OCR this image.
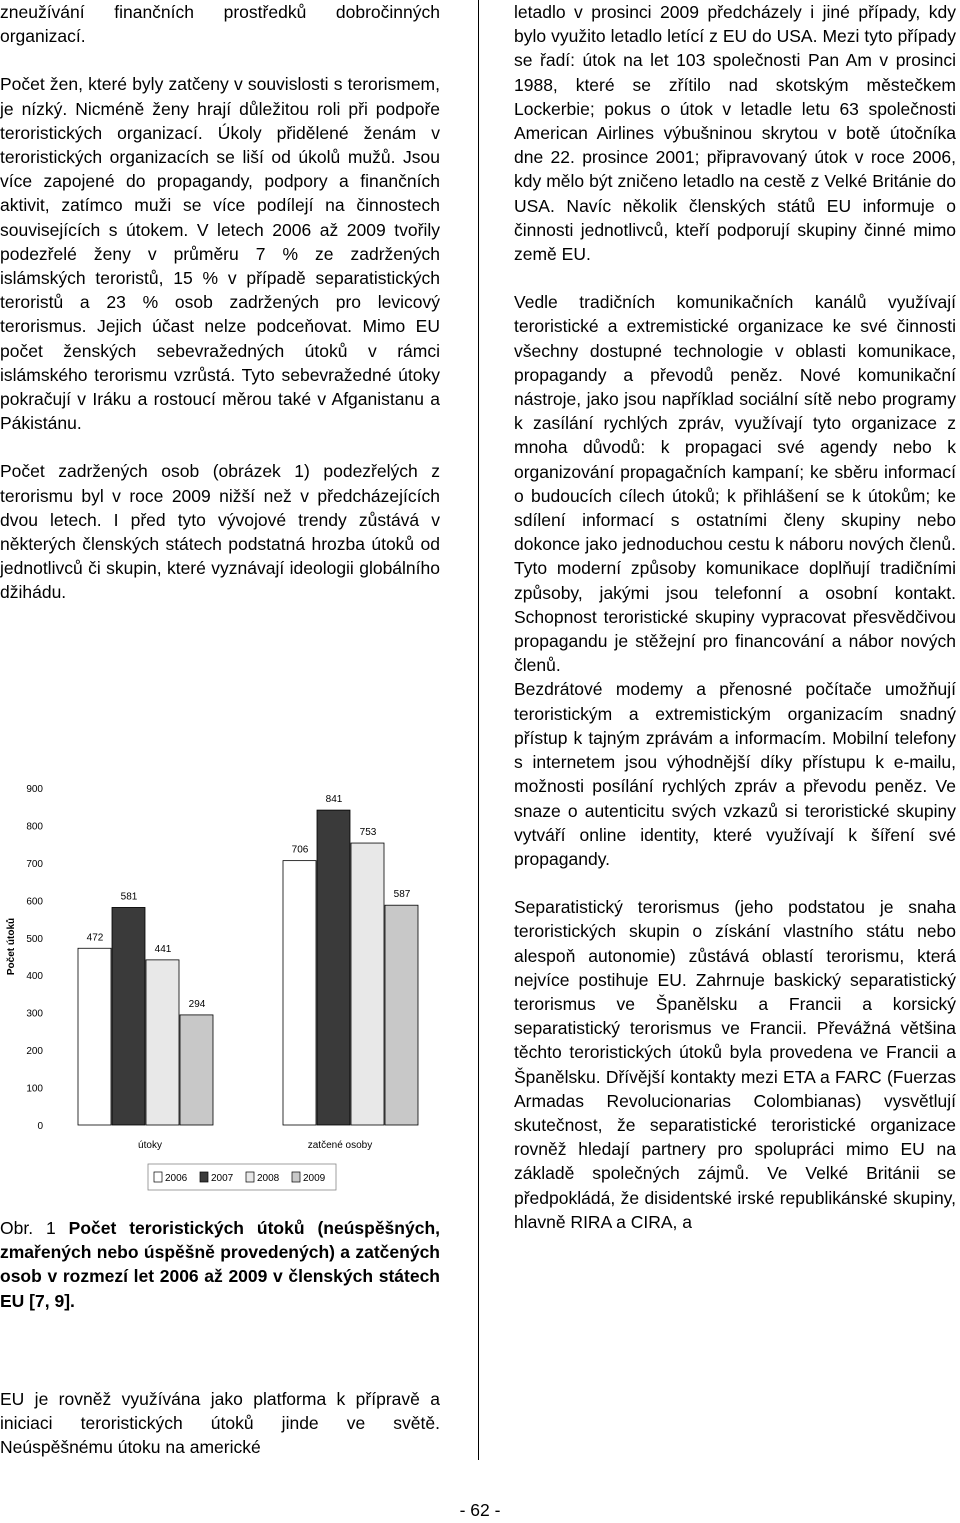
zneužívání finančních prostředků dobročinných organizací.

Počet žen, které byly zatčeny v souvislosti s terorismem, je nízký. Nicméně ženy hrají důležitou roli při podpoře teroristických organizací. Úkoly přidělené ženám v teroristických organizacích se liší od úkolů mužů. Jsou více zapojené do propagandy, podpory a finančních aktivit, zatímco muži se více podílejí na činnostech souvisejících s útokem. V letech 2006 až 2009 tvořily podezřelé ženy v průměru 7 % ze zadržených islámských teroristů, 15 % v případě separatistických teroristů a 23 % osob zadržených pro levicový terorismus. Jejich účast nelze podceňovat. Mimo EU počet ženských sebevražedných útoků v rámci islámského terorismu vzrůstá. Tyto sebevražedné útoky pokračují v Iráku a rostoucí měrou také v Afganistanu a Pákistánu.

Počet zadržených osob (obrázek 1) podezřelých z terorismu byl v roce 2009 nižší než v předcházejících dvou letech. I před tyto vývojové trendy zůstává v některých členských státech podstatná hrozba útoků od jednotlivců či skupin, které vyznávají ideologii globálního džihádu.

Počet útoků
0
100
200
300
400
500
600
700
800
900
472
581
441
294
706
841
753
587
útoky	zatčené osoby
2006 2007 2008 2009

Obr. 1 Počet teroristických útoků (neúspěšných, zmařených nebo úspěšně provedených) a zatčených osob v rozmezí let 2006 až 2009 v členských státech EU [7, 9].

EU je rovněž využívána jako platforma k přípravě a iniciaci teroristických útoků jinde ve světě. Neúspěšnému útoku na americké

letadlo v prosinci 2009 předcházely i jiné případy, kdy bylo využito letadlo letící z EU do USA. Mezi tyto případy se řadí: útok na let 103 společnosti Pan Am v prosinci 1988, které se zřítilo nad skotským městečkem Lockerbie; pokus o útok v letadle letu 63 společnosti American Airlines výbušninou skrytou v botě útočníka dne 22. prosince 2001; připravovaný útok v roce 2006, kdy mělo být zničeno letadlo na cestě z Velké Británie do USA. Navíc několik členských států EU informuje o činnosti jednotlivců, kteří podporují skupiny činné mimo země EU.

Vedle tradičních komunikačních kanálů využívají teroristické a extremistické organizace ke své činnosti všechny dostupné technologie v oblasti komunikace, propagandy a převodů peněz. Nové komunikační nástroje, jako jsou například sociální sítě nebo programy k zasílání rychlých zpráv, využívají tyto organizace z mnoha důvodů: k propagaci své agendy nebo k organizování propagačních kampaní; ke sběru informací o budoucích cílech útoků; k přihlášení se k útokům; ke sdílení informací s ostatními členy skupiny nebo dokonce jako jednoduchou cestu k náboru nových členů. Tyto moderní způsoby komunikace doplňují tradičními způsoby, jakými jsou telefonní a osobní kontakt. Schopnost teroristické skupiny vypracovat přesvědčivou propagandu je stěžejní pro financování a nábor nových členů.

Bezdrátové modemy a přenosné počítače umožňují teroristickým a extremistickým organizacím snadný přístup k tajným zprávám a informacím. Mobilní telefony s internetem jsou výhodnější díky přístupu k e-mailu, možnosti posílání rychlých zpráv a převodu peněz. Ve snaze o autenticitu svých vzkazů si teroristické skupiny vytváří online identity, které využívají k šíření své propagandy.

Separatistický terorismus (jeho podstatou je snaha teroristických skupin o získání vlastního státu nebo alespoň autonomie) zůstává oblastí terorismu, která nejvíce postihuje EU. Zahrnuje baskický separatistický terorismus ve Španělsku a Francii a korsický separatistický terorismus ve Francii. Převážná většina těchto teroristických útoků byla provedena ve Francii a Španělsku. Dřívější kontakty mezi ETA a FARC (Fuerzas Armadas Revolucionarias Colombianas) vysvětlují skutečnost, že separatistické teroristické organizace rovněž hledají partnery pro spolupráci mimo EU na základě společných zájmů. Ve Velké Británii se předpokládá, že disidentské irské republikánské skupiny, hlavně RIRA a CIRA, a

- 62 -
